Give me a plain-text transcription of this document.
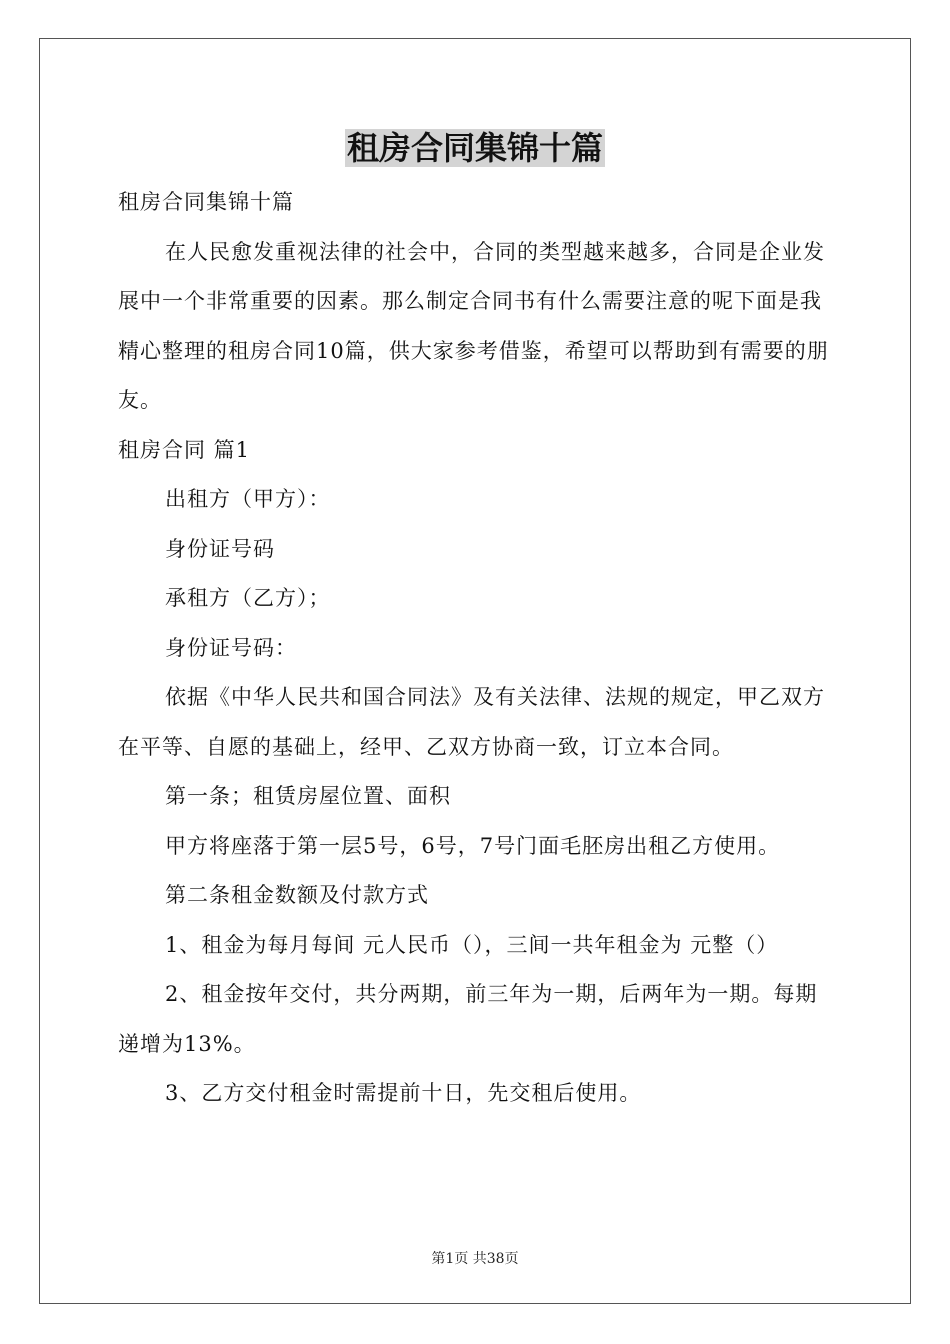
租房合同集锦十篇

租房合同集锦十篇

在人民愈发重视法律的社会中，合同的类型越来越多，合同是企业发展中一个非常重要的因素。那么制定合同书有什么需要注意的呢下面是我精心整理的租房合同10篇，供大家参考借鉴，希望可以帮助到有需要的朋友。

租房合同 篇1

出租方（甲方）：

身份证号码

承租方（乙方）；

身份证号码：

依据《中华人民共和国合同法》及有关法律、法规的规定，甲乙双方在平等、自愿的基础上，经甲、乙双方协商一致，订立本合同。

第一条；租赁房屋位置、面积

甲方将座落于第一层5号，6号，7号门面毛胚房出租乙方使用。

第二条租金数额及付款方式

1、租金为每月每间 元人民币（），三间一共年租金为 元整（）

2、租金按年交付，共分两期，前三年为一期，后两年为一期。每期递增为13%。

3、乙方交付租金时需提前十日，先交租后使用。

第1页 共38页
